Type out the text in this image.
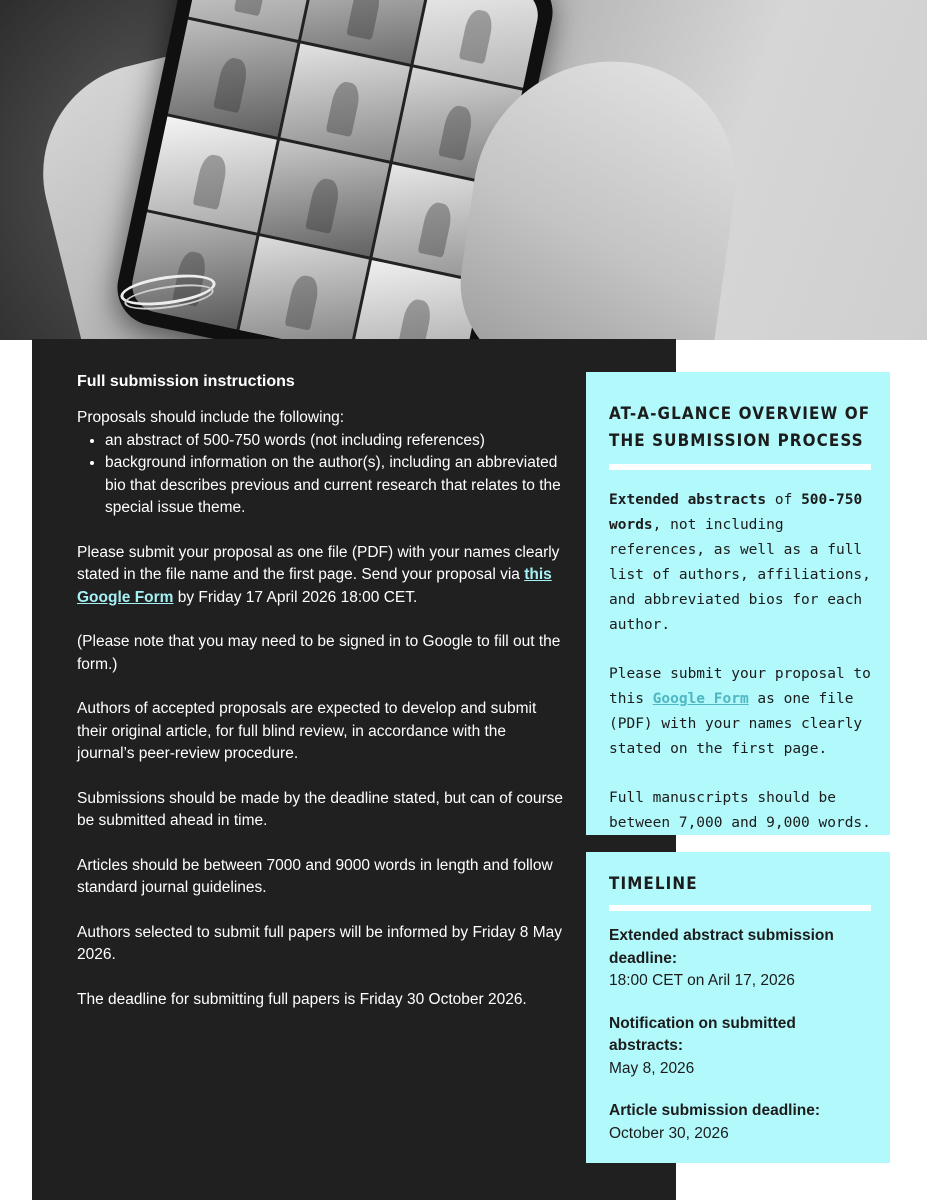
Full submission instructions

Proposals should include the following:

• an abstract of 500-750 words (not including references)
• background information on the author(s), including an abbreviated bio that describes previous and current research that relates to the special issue theme.

Please submit your proposal as one file (PDF) with your names clearly stated in the file name and the first page. Send your proposal via this Google Form by Friday 17 April 2026 18:00 CET.

(Please note that you may need to be signed in to Google to fill out the form.)

Authors of accepted proposals are expected to develop and submit their original article, for full blind review, in accordance with the journal’s peer-review procedure.

Submissions should be made by the deadline stated, but can of course be submitted ahead in time.

Articles should be between 7000 and 9000 words in length and follow standard journal guidelines.

Authors selected to submit full papers will be informed by Friday 8 May 2026.

The deadline for submitting full papers is Friday 30 October 2026.

AT-A-GLANCE OVERVIEW OF THE SUBMISSION PROCESS

Extended abstracts of 500-750 words, not including references, as well as a full list of authors, affiliations, and abbreviated bios for each author.

Please submit your proposal to this Google Form as one file (PDF) with your names clearly stated on the first page.

Full manuscripts should be between 7,000 and 9,000 words.

TIMELINE

Extended abstract submission deadline:

18:00 CET on Aril 17, 2026

Notification on submitted abstracts:

May 8, 2026

Article submission deadline:

October 30, 2026
